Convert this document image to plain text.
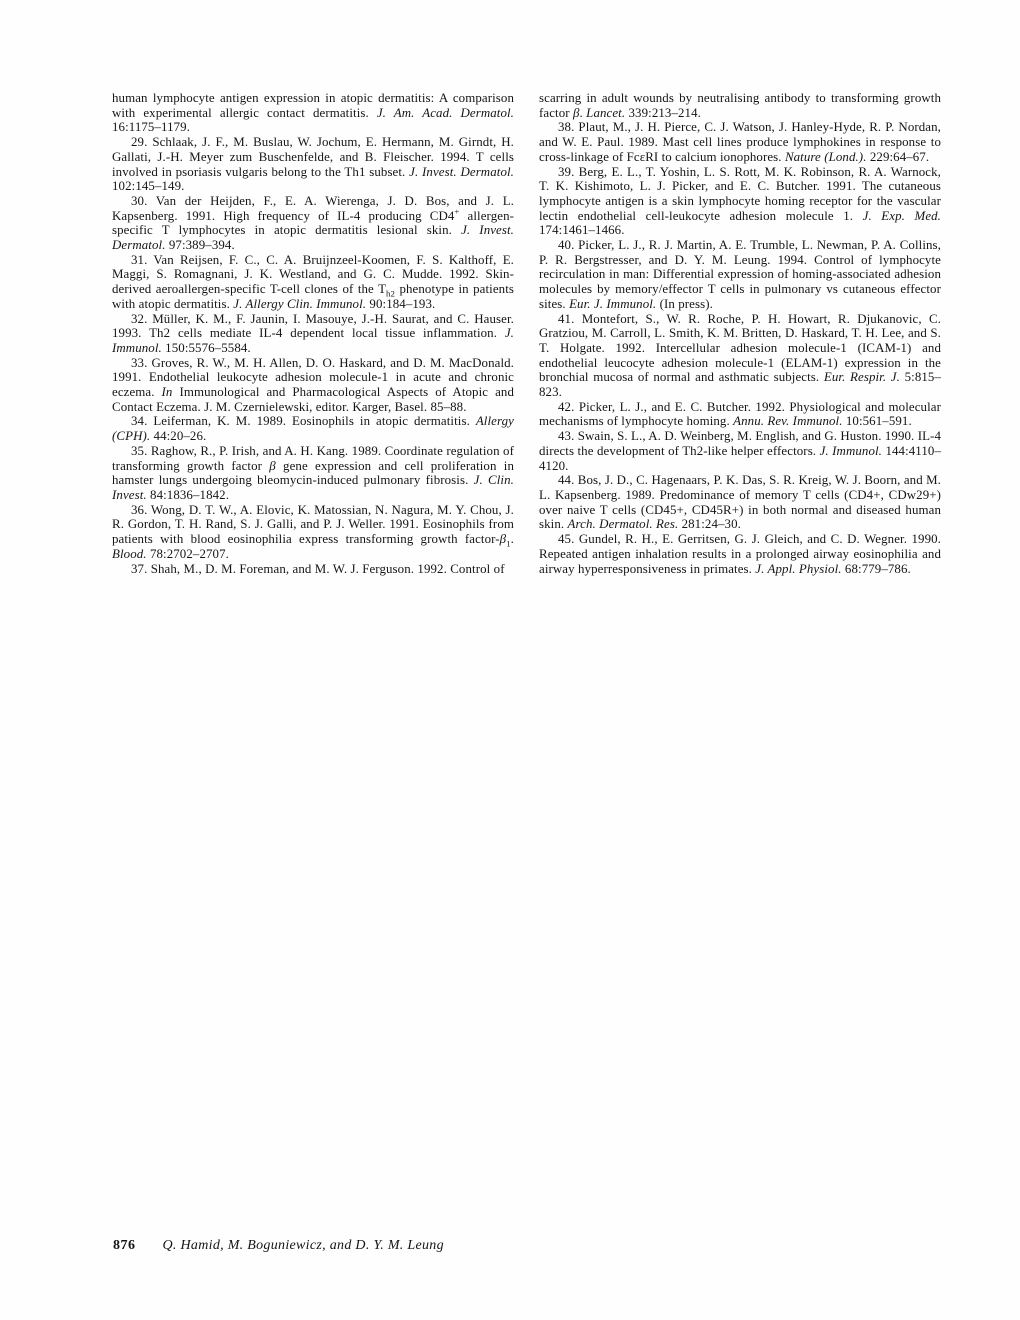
human lymphocyte antigen expression in atopic dermatitis: A comparison with experimental allergic contact dermatitis. J. Am. Acad. Dermatol. 16:1175–1179.

29. Schlaak, J. F., M. Buslau, W. Jochum, E. Hermann, M. Girndt, H. Gallati, J.-H. Meyer zum Buschenfelde, and B. Fleischer. 1994. T cells involved in psoriasis vulgaris belong to the Th1 subset. J. Invest. Dermatol. 102:145–149.

30. Van der Heijden, F., E. A. Wierenga, J. D. Bos, and J. L. Kapsenberg. 1991. High frequency of IL-4 producing CD4+ allergen-specific T lymphocytes in atopic dermatitis lesional skin. J. Invest. Dermatol. 97:389–394.

31. Van Reijsen, F. C., C. A. Bruijnzeel-Koomen, F. S. Kalthoff, E. Maggi, S. Romagnani, J. K. Westland, and G. C. Mudde. 1992. Skin-derived aeroallergen-specific T-cell clones of the $T_{h2}$ phenotype in patients with atopic dermatitis. J. Allergy Clin. Immunol. 90:184–193.

32. Müller, K. M., F. Jaunin, I. Masouye, J.-H. Saurat, and C. Hauser. 1993. Th2 cells mediate IL-4 dependent local tissue inflammation. J. Immunol. 150:5576–5584.

33. Groves, R. W., M. H. Allen, D. O. Haskard, and D. M. MacDonald. 1991. Endothelial leukocyte adhesion molecule-1 in acute and chronic eczema. In Immunological and Pharmacological Aspects of Atopic and Contact Eczema. J. M. Czernielewski, editor. Karger, Basel. 85–88.

34. Leiferman, K. M. 1989. Eosinophils in atopic dermatitis. Allergy (CPH). 44:20–26.

35. Raghow, R., P. Irish, and A. H. Kang. 1989. Coordinate regulation of transforming growth factor β gene expression and cell proliferation in hamster lungs undergoing bleomycin-induced pulmonary fibrosis. J. Clin. Invest. 84:1836–1842.

36. Wong, D. T. W., A. Elovic, K. Matossian, N. Nagura, M. Y. Chou, J. R. Gordon, T. H. Rand, S. J. Galli, and P. J. Weller. 1991. Eosinophils from patients with blood eosinophilia express transforming growth factor-$\beta_1$. Blood. 78:2702–2707.

37. Shah, M., D. M. Foreman, and M. W. J. Ferguson. 1992. Control of

scarring in adult wounds by neutralising antibody to transforming growth factor β. Lancet. 339:213–214.

38. Plaut, M., J. H. Pierce, C. J. Watson, J. Hanley-Hyde, R. P. Nordan, and W. E. Paul. 1989. Mast cell lines produce lymphokines in response to cross-linkage of FcεRI to calcium ionophores. Nature (Lond.). 229:64–67.

39. Berg, E. L., T. Yoshin, L. S. Rott, M. K. Robinson, R. A. Warnock, T. K. Kishimoto, L. J. Picker, and E. C. Butcher. 1991. The cutaneous lymphocyte antigen is a skin lymphocyte homing receptor for the vascular lectin endothelial cell-leukocyte adhesion molecule 1. J. Exp. Med. 174:1461–1466.

40. Picker, L. J., R. J. Martin, A. E. Trumble, L. Newman, P. A. Collins, P. R. Bergstresser, and D. Y. M. Leung. 1994. Control of lymphocyte recirculation in man: Differential expression of homing-associated adhesion molecules by memory/effector T cells in pulmonary vs cutaneous effector sites. Eur. J. Immunol. (In press).

41. Montefort, S., W. R. Roche, P. H. Howart, R. Djukanovic, C. Gratziou, M. Carroll, L. Smith, K. M. Britten, D. Haskard, T. H. Lee, and S. T. Holgate. 1992. Intercellular adhesion molecule-1 (ICAM-1) and endothelial leucocyte adhesion molecule-1 (ELAM-1) expression in the bronchial mucosa of normal and asthmatic subjects. Eur. Respir. J. 5:815–823.

42. Picker, L. J., and E. C. Butcher. 1992. Physiological and molecular mechanisms of lymphocyte homing. Annu. Rev. Immunol. 10:561–591.

43. Swain, S. L., A. D. Weinberg, M. English, and G. Huston. 1990. IL-4 directs the development of Th2-like helper effectors. J. Immunol. 144:4110–4120.

44. Bos, J. D., C. Hagenaars, P. K. Das, S. R. Kreig, W. J. Boorn, and M. L. Kapsenberg. 1989. Predominance of memory T cells (CD4+, CDw29+) over naive T cells (CD45+, CD45R+) in both normal and diseased human skin. Arch. Dermatol. Res. 281:24–30.

45. Gundel, R. H., E. Gerritsen, G. J. Gleich, and C. D. Wegner. 1990. Repeated antigen inhalation results in a prolonged airway eosinophilia and airway hyperresponsiveness in primates. J. Appl. Physiol. 68:779–786.

876 Q. Hamid, M. Boguniewicz, and D. Y. M. Leung
